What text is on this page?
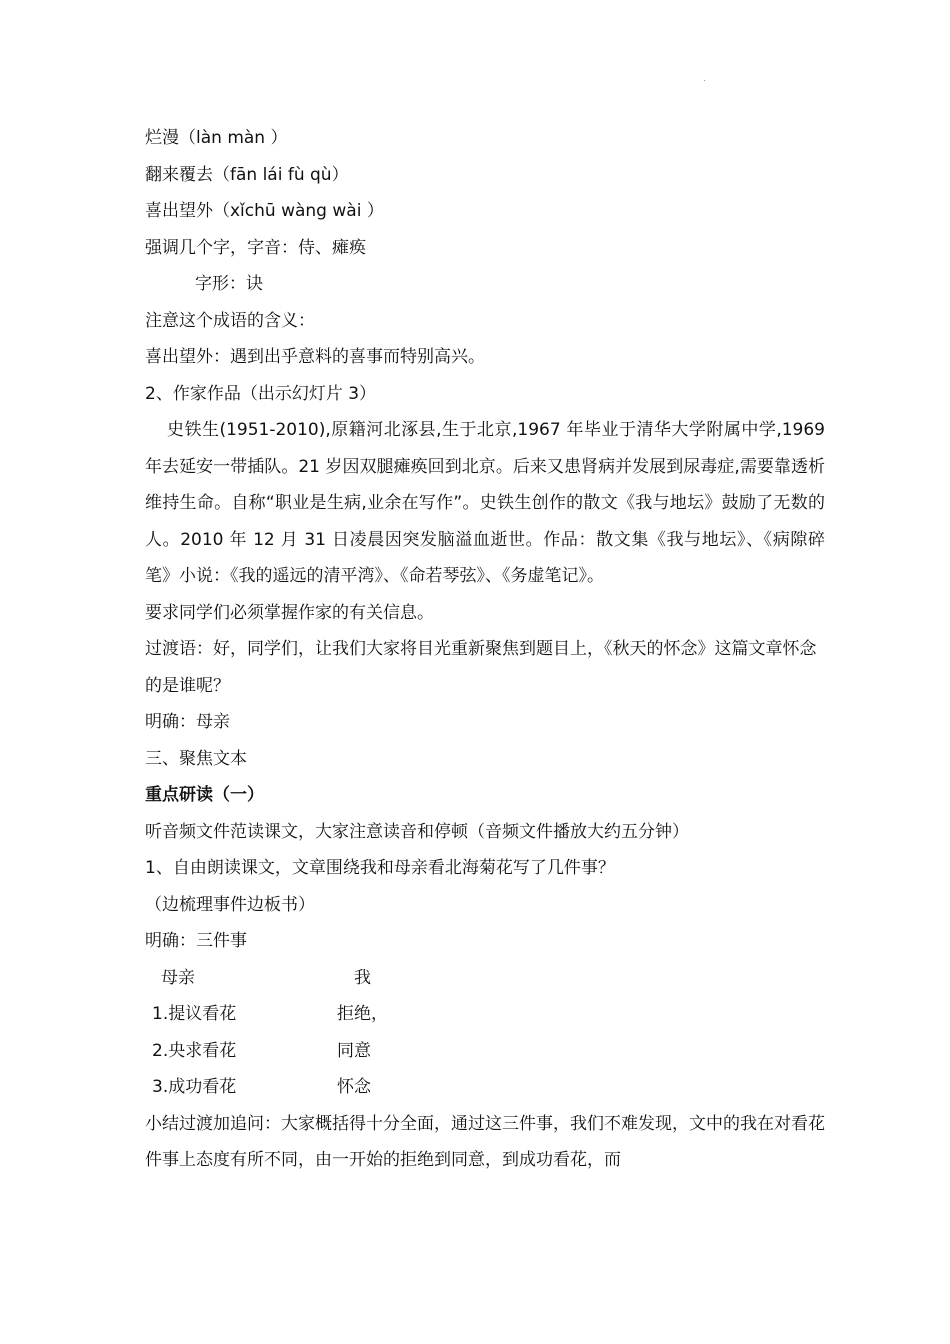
.
烂漫（làn màn ）
翻来覆去（fān lái fù qù）
喜出望外（xǐchū wàng wài ）
强调几个字，字音：侍、瘫痪
字形：诀
注意这个成语的含义：
喜出望外：遇到出乎意料的喜事而特别高兴。
2、作家作品（出示幻灯片 3）
史铁生(1951-2010),原籍河北涿县,生于北京,1967 年毕业于清华大学附属中学,1969 年去延安一带插队。21 岁因双腿瘫痪回到北京。后来又患肾病并发展到尿毒症,需要靠透析维持生命。自称“职业是生病,业余在写作”。史铁生创作的散文《我与地坛》鼓励了无数的人。2010 年 12 月 31 日凌晨因突发脑溢血逝世。作品：散文集《我与地坛》、《病隙碎笔》小说：《我的遥远的清平湾》、《命若琴弦》、《务虚笔记》。
要求同学们必须掌握作家的有关信息。
过渡语：好，同学们，让我们大家将目光重新聚焦到题目上，《秋天的怀念》这篇文章怀念的是谁呢？
明确：母亲
三、聚焦文本
重点研读（一）
听音频文件范读课文，大家注意读音和停顿（音频文件播放大约五分钟）
1、自由朗读课文，文章围绕我和母亲看北海菊花写了几件事？
（边梳理事件边板书）
明确：三件事
母亲	我
1.提议看花	拒绝，
2.央求看花	同意
3.成功看花	怀念
小结过渡加追问：大家概括得十分全面，通过这三件事，我们不难发现，文中的我在对看花件事上态度有所不同，由一开始的拒绝到同意，到成功看花，而
